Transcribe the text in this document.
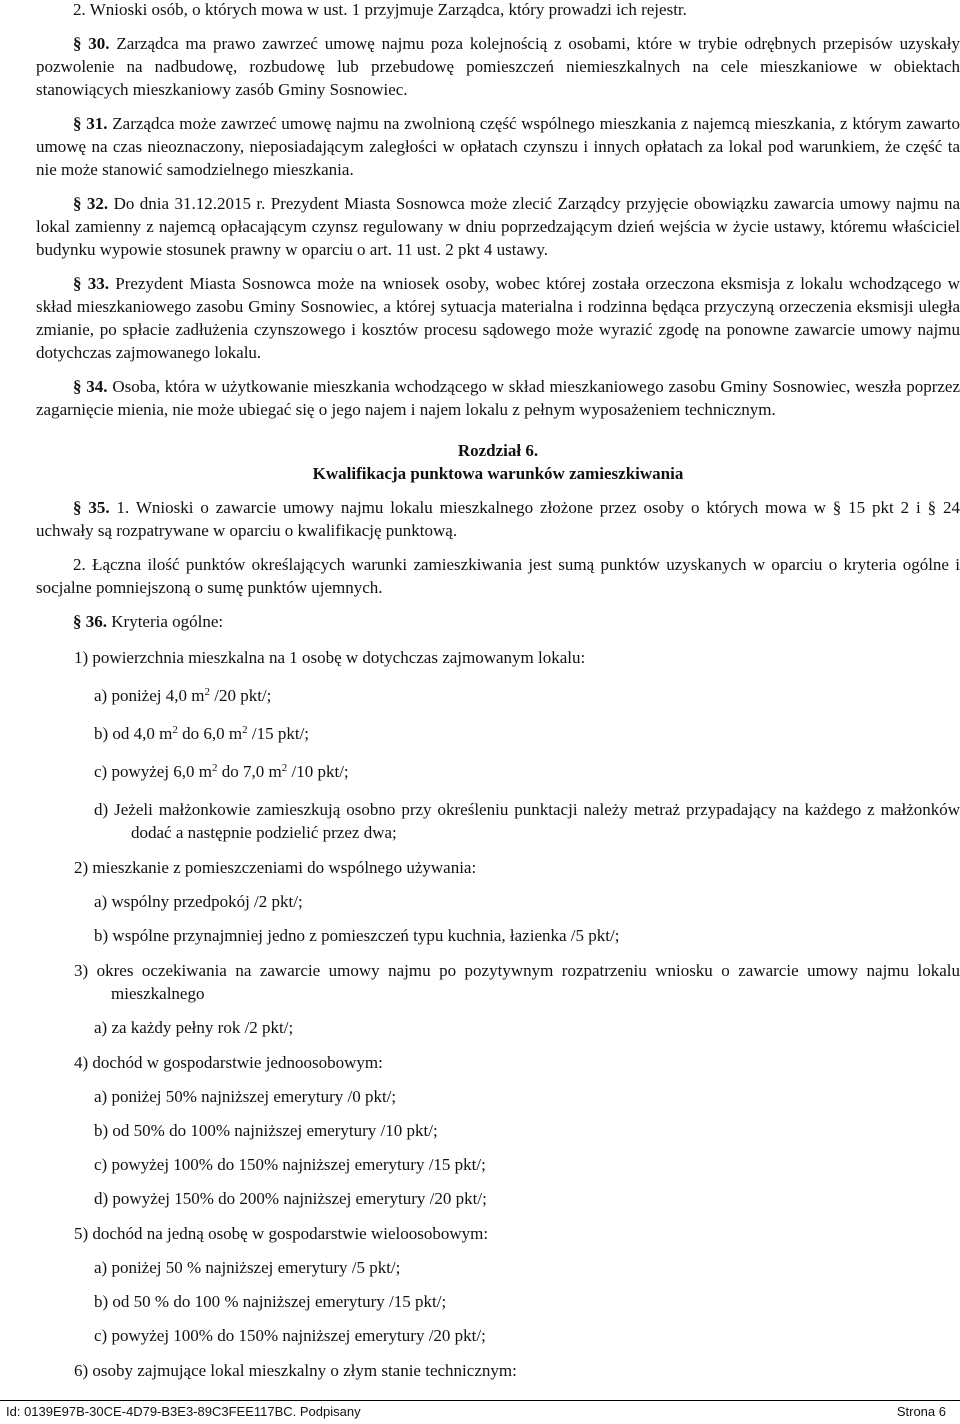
2. Wnioski osób, o których mowa w ust. 1 przyjmuje Zarządca, który prowadzi ich rejestr.

§ 30. Zarządca ma prawo zawrzeć umowę najmu poza kolejnością z osobami, które w trybie odrębnych przepisów uzyskały pozwolenie na nadbudowę, rozbudowę lub przebudowę pomieszczeń niemieszkalnych na cele mieszkaniowe w obiektach stanowiących mieszkaniowy zasób Gminy Sosnowiec.

§ 31. Zarządca może zawrzeć umowę najmu na zwolnioną część wspólnego mieszkania z najemcą mieszkania, z którym zawarto umowę na czas nieoznaczony, nieposiadającym zaległości w opłatach czynszu i innych opłatach za lokal pod warunkiem, że część ta nie może stanowić samodzielnego mieszkania.

§ 32. Do dnia 31.12.2015 r. Prezydent Miasta Sosnowca może zlecić Zarządcy przyjęcie obowiązku zawarcia umowy najmu na lokal zamienny z najemcą opłacającym czynsz regulowany w dniu poprzedzającym dzień wejścia w życie ustawy, któremu właściciel budynku wypowie stosunek prawny w oparciu o art. 11 ust. 2 pkt 4 ustawy.

§ 33. Prezydent Miasta Sosnowca może na wniosek osoby, wobec której została orzeczona eksmisja z lokalu wchodzącego w skład mieszkaniowego zasobu Gminy Sosnowiec, a której sytuacja materialna i rodzinna będąca przyczyną orzeczenia eksmisji uległa zmianie, po spłacie zadłużenia czynszowego i kosztów procesu sądowego może wyrazić zgodę na ponowne zawarcie umowy najmu dotychczas zajmowanego lokalu.

§ 34. Osoba, która w użytkowanie mieszkania wchodzącego w skład mieszkaniowego zasobu Gminy Sosnowiec, weszła poprzez zagarnięcie mienia, nie może ubiegać się o jego najem i najem lokalu z pełnym wyposażeniem technicznym.

Rozdział 6.

Kwalifikacja punktowa warunków zamieszkiwania

§ 35. 1. Wnioski o zawarcie umowy najmu lokalu mieszkalnego złożone przez osoby o których mowa w § 15 pkt 2 i § 24 uchwały są rozpatrywane w oparciu o kwalifikację punktową.

2. Łączna ilość punktów określających warunki zamieszkiwania jest sumą punktów uzyskanych w oparciu o kryteria ogólne i socjalne pomniejszoną o sumę punktów ujemnych.

§ 36. Kryteria ogólne:

1) powierzchnia mieszkalna na 1 osobę w dotychczas zajmowanym lokalu:

a) poniżej 4,0 $m^2$ /20 pkt/;

b) od 4,0 $m^2$ do 6,0 $m^2$ /15 pkt/;

c) powyżej 6,0 $m^2$ do 7,0 $m^2$ /10 pkt/;

d) Jeżeli małżonkowie zamieszkują osobno przy określeniu punktacji należy metraż przypadający na każdego z małżonków dodać a następnie podzielić przez dwa;

2) mieszkanie z pomieszczeniami do wspólnego używania:

a) wspólny przedpokój /2 pkt/;

b) wspólne przynajmniej jedno z pomieszczeń typu kuchnia, łazienka /5 pkt/;

3) okres oczekiwania na zawarcie umowy najmu po pozytywnym rozpatrzeniu wniosku o zawarcie umowy najmu lokalu mieszkalnego

a) za każdy pełny rok /2 pkt/;

4) dochód w gospodarstwie jednoosobowym:

a) poniżej 50% najniższej emerytury /0 pkt/;

b) od 50% do 100% najniższej emerytury /10 pkt/;

c) powyżej 100% do 150% najniższej emerytury /15 pkt/;

d) powyżej 150% do 200% najniższej emerytury /20 pkt/;

5) dochód na jedną osobę w gospodarstwie wieloosobowym:

a) poniżej 50 % najniższej emerytury /5 pkt/;

b) od 50 % do 100 % najniższej emerytury /15 pkt/;

c) powyżej 100% do 150% najniższej emerytury /20 pkt/;

6) osoby zajmujące lokal mieszkalny o złym stanie technicznym:

Id: 0139E97B-30CE-4D79-B3E3-89C3FEE117BC. Podpisany	Strona 6
